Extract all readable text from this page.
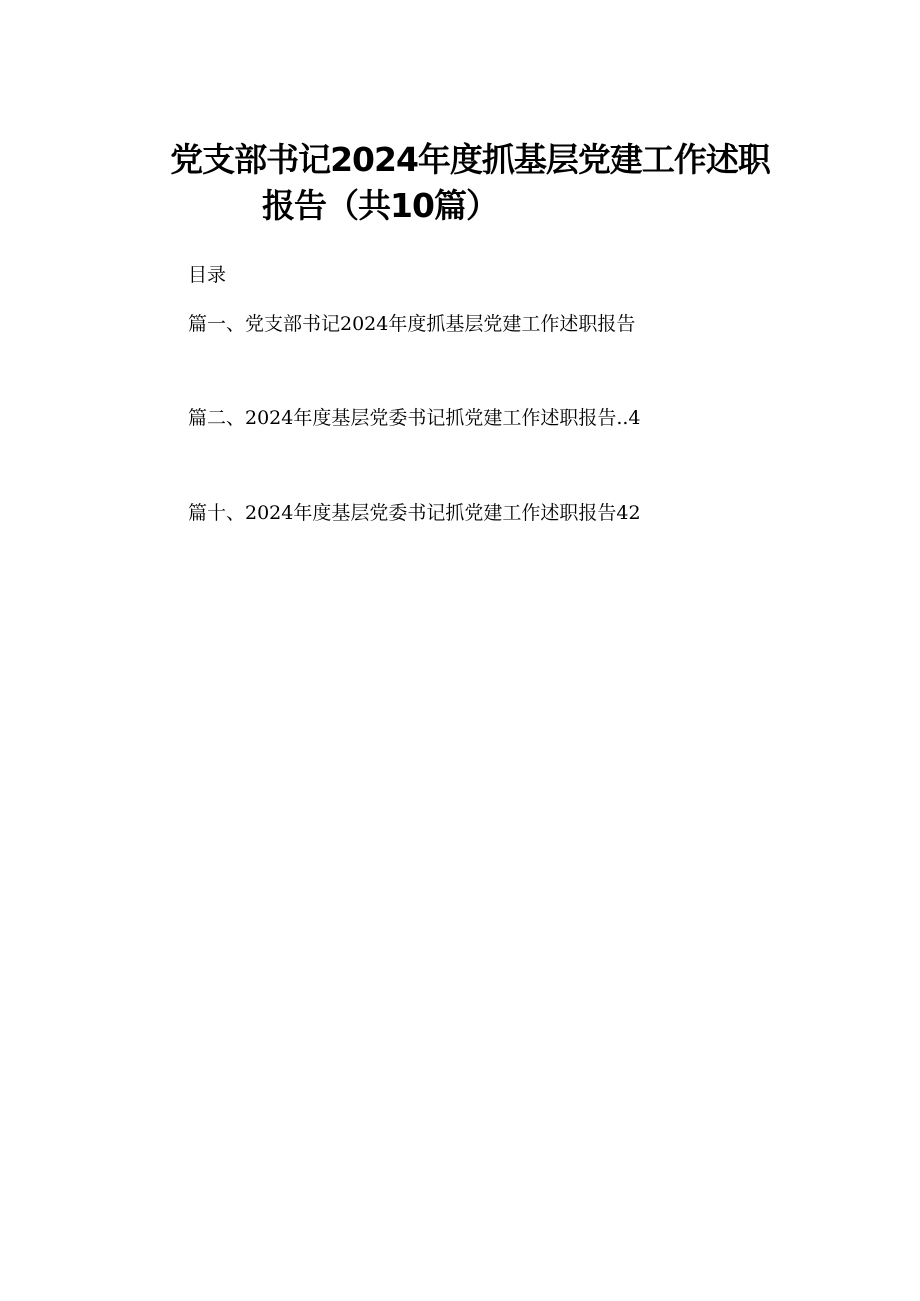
党支部书记2024年度抓基层党建工作述职
报告（共10篇）
目录
篇一、党支部书记2024年度抓基层党建工作述职报告
篇二、2024年度基层党委书记抓党建工作述职报告..4
篇十、2024年度基层党委书记抓党建工作述职报告42
